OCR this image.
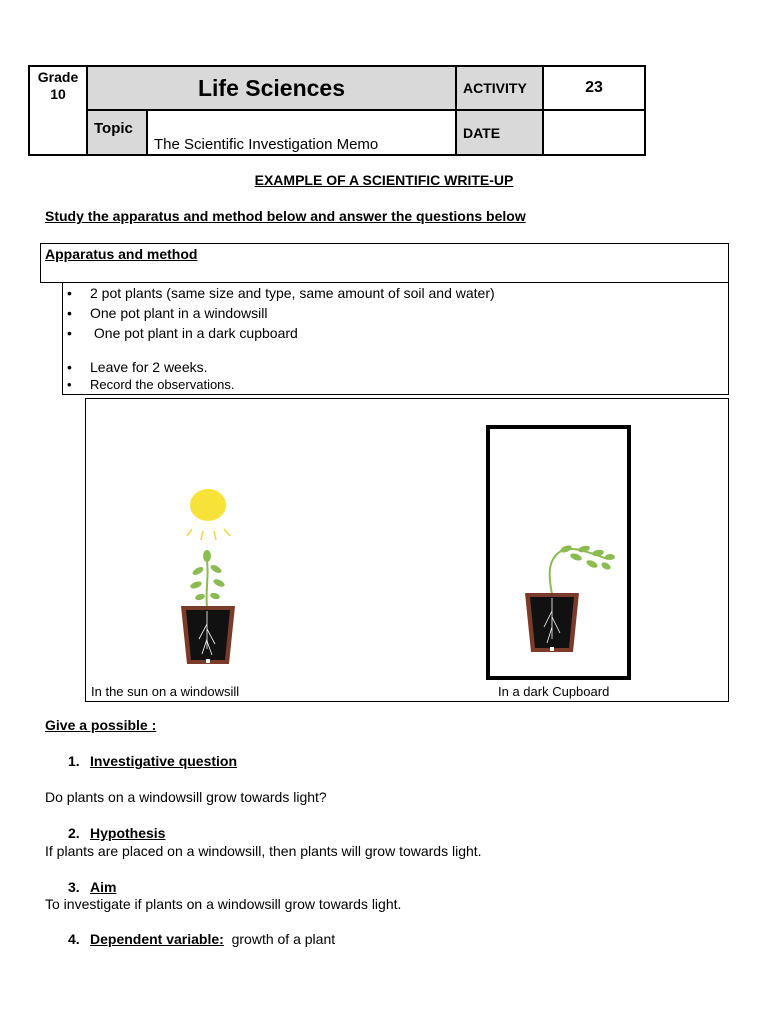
Grade
10	Life Sciences		ACTIVITY	23
	Topic	The Scientific Investigation Memo	DATE	
EXAMPLE OF A SCIENTIFIC WRITE-UP
Study the apparatus and method below and answer the questions below
Apparatus and method
• 2 pot plants (same size and type, same amount of soil and water)
• One pot plant in a windowsill
• One pot plant in a dark cupboard
• Leave for 2 weeks.
• Record the observations.
In the sun on a windowsill	In a dark Cupboard
Give a possible :
1. Investigative question
Do plants on a windowsill grow towards light?
2. Hypothesis
If plants are placed on a windowsill, then plants will grow towards light.
3. Aim
To investigate if plants on a windowsill grow towards light.
4. Dependent variable: growth of a plant
